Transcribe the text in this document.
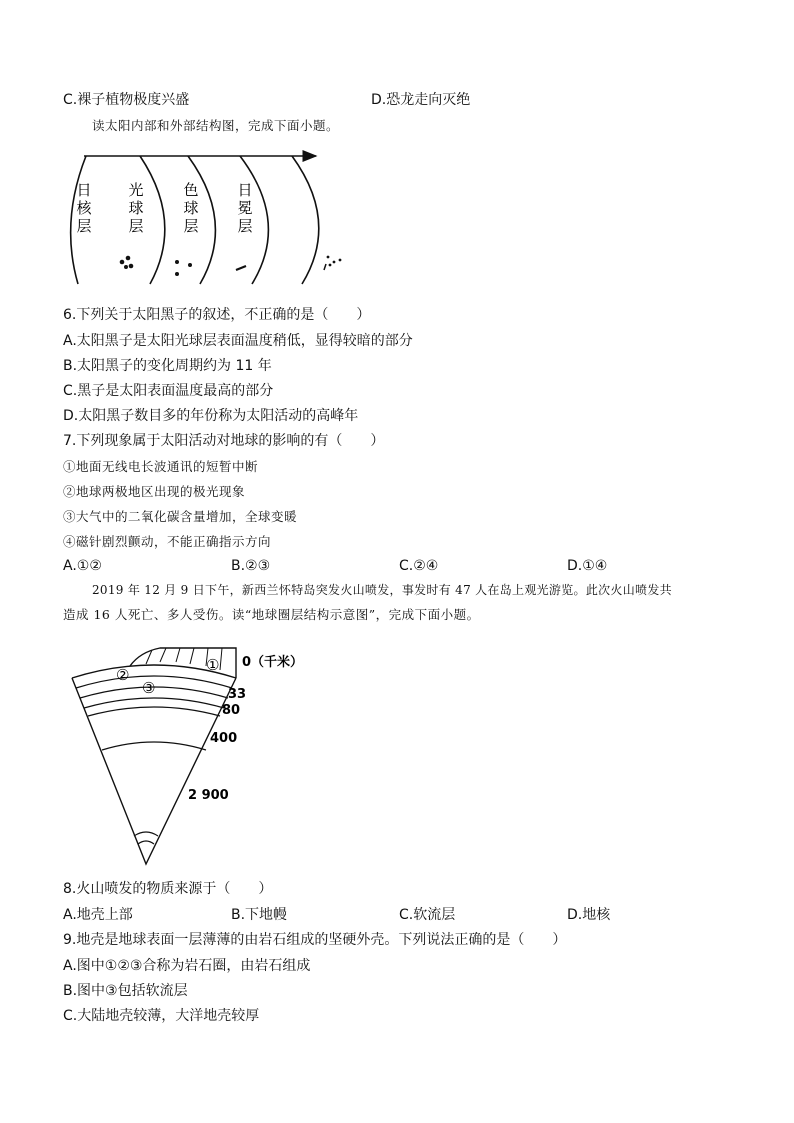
C.裸子植物极度兴盛	D.恐龙走向灭绝
读太阳内部和外部结构图，完成下面小题。
日
核
层
光
球
层
色
球
层
日
冕
层
6.下列关于太阳黑子的叙述，不正确的是（　　）
A.太阳黑子是太阳光球层表面温度稍低，显得较暗的部分
B.太阳黑子的变化周期约为 11 年
C.黑子是太阳表面温度最高的部分
D.太阳黑子数目多的年份称为太阳活动的高峰年
7.下列现象属于太阳活动对地球的影响的有（　　）
①地面无线电长波通讯的短暂中断
②地球两极地区出现的极光现象
③大气中的二氧化碳含量增加，全球变暖
④磁针剧烈颤动，不能正确指示方向
A.①②	B.②③	C.②④	D.①④
2019 年 12 月 9 日下午，新西兰怀特岛突发火山喷发，事发时有 47 人在岛上观光游览。此次火山喷发共
造成 16 人死亡、多人受伤。读“地球圈层结构示意图”，完成下面小题。
①
②
③
0（千米）
33
80
400
2 900
8.火山喷发的物质来源于（　　）
A.地壳上部	B.下地幔	C.软流层	D.地核
9.地壳是地球表面一层薄薄的由岩石组成的坚硬外壳。下列说法正确的是（　　）
A.图中①②③合称为岩石圈，由岩石组成
B.图中③包括软流层
C.大陆地壳较薄，大洋地壳较厚
